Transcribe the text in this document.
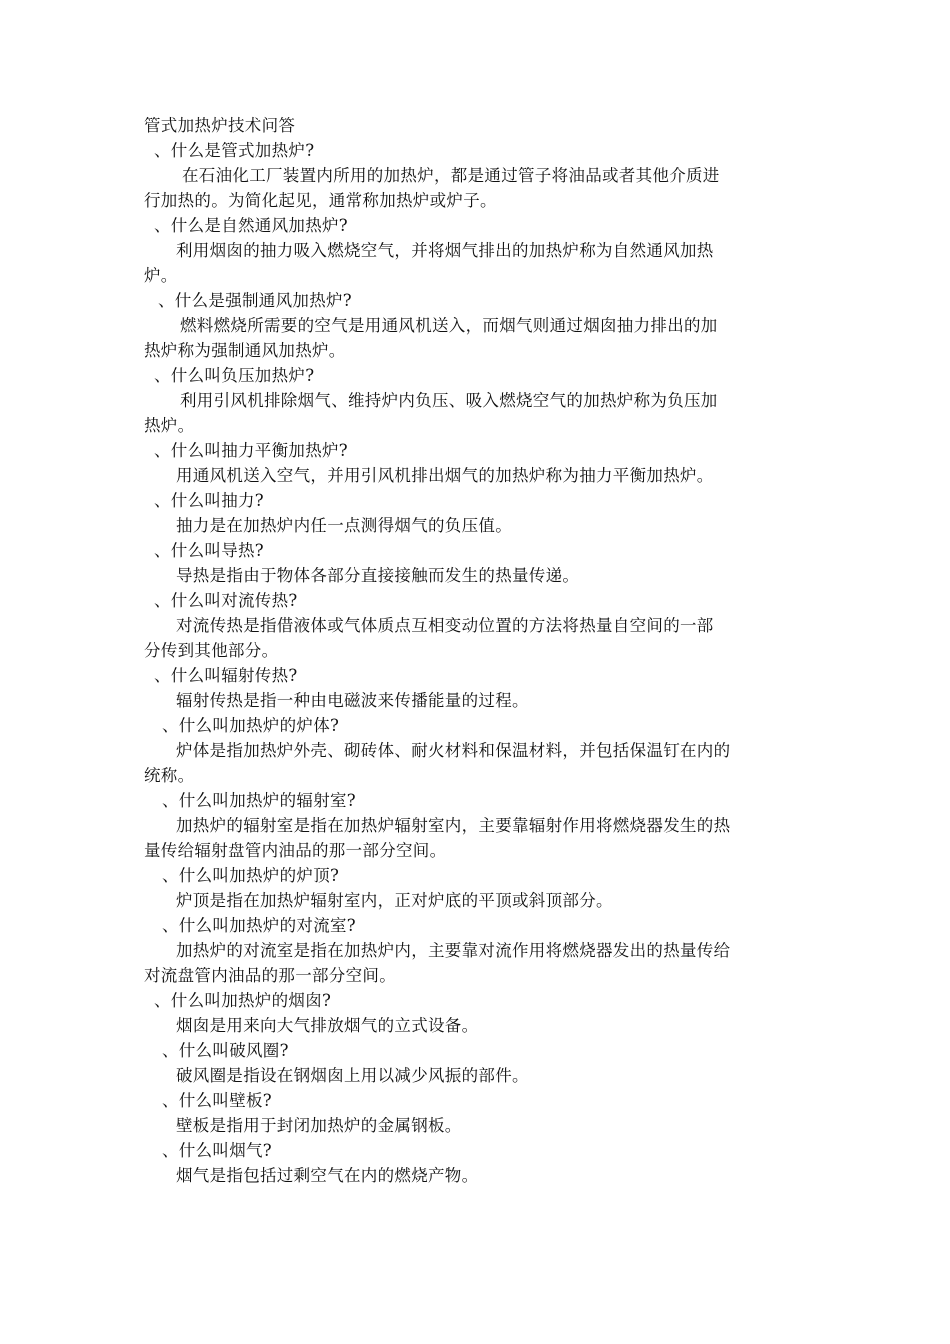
管式加热炉技术问答
、什么是管式加热炉?
在石油化工厂装置内所用的加热炉，都是通过管子将油品或者其他介质进
行加热的。为简化起见，通常称加热炉或炉子。
、什么是自然通风加热炉?
利用烟囱的抽力吸入燃烧空气，并将烟气排出的加热炉称为自然通风加热
炉。
、什么是强制通风加热炉?
燃料燃烧所需要的空气是用通风机送入，而烟气则通过烟囱抽力排出的加
热炉称为强制通风加热炉。
、什么叫负压加热炉?
利用引风机排除烟气、维持炉内负压、吸入燃烧空气的加热炉称为负压加
热炉。
、什么叫抽力平衡加热炉?
用通风机送入空气，并用引风机排出烟气的加热炉称为抽力平衡加热炉。
、什么叫抽力?
抽力是在加热炉内任一点测得烟气的负压值。
、什么叫导热?
导热是指由于物体各部分直接接触而发生的热量传递。
、什么叫对流传热?
对流传热是指借液体或气体质点互相变动位置的方法将热量自空间的一部
分传到其他部分。
、什么叫辐射传热?
辐射传热是指一种由电磁波来传播能量的过程。
、什么叫加热炉的炉体?
炉体是指加热炉外壳、砌砖体、耐火材料和保温材料，并包括保温钉在内的
统称。
、什么叫加热炉的辐射室?
加热炉的辐射室是指在加热炉辐射室内，主要靠辐射作用将燃烧器发生的热
量传给辐射盘管内油品的那一部分空间。
、什么叫加热炉的炉顶?
炉顶是指在加热炉辐射室内，正对炉底的平顶或斜顶部分。
、什么叫加热炉的对流室?
加热炉的对流室是指在加热炉内，主要靠对流作用将燃烧器发出的热量传给
对流盘管内油品的那一部分空间。
、什么叫加热炉的烟囱?
烟囱是用来向大气排放烟气的立式设备。
、什么叫破风圈?
破风圈是指设在钢烟囱上用以减少风振的部件。
、什么叫壁板?
壁板是指用于封闭加热炉的金属钢板。
、什么叫烟气?
烟气是指包括过剩空气在内的燃烧产物。
